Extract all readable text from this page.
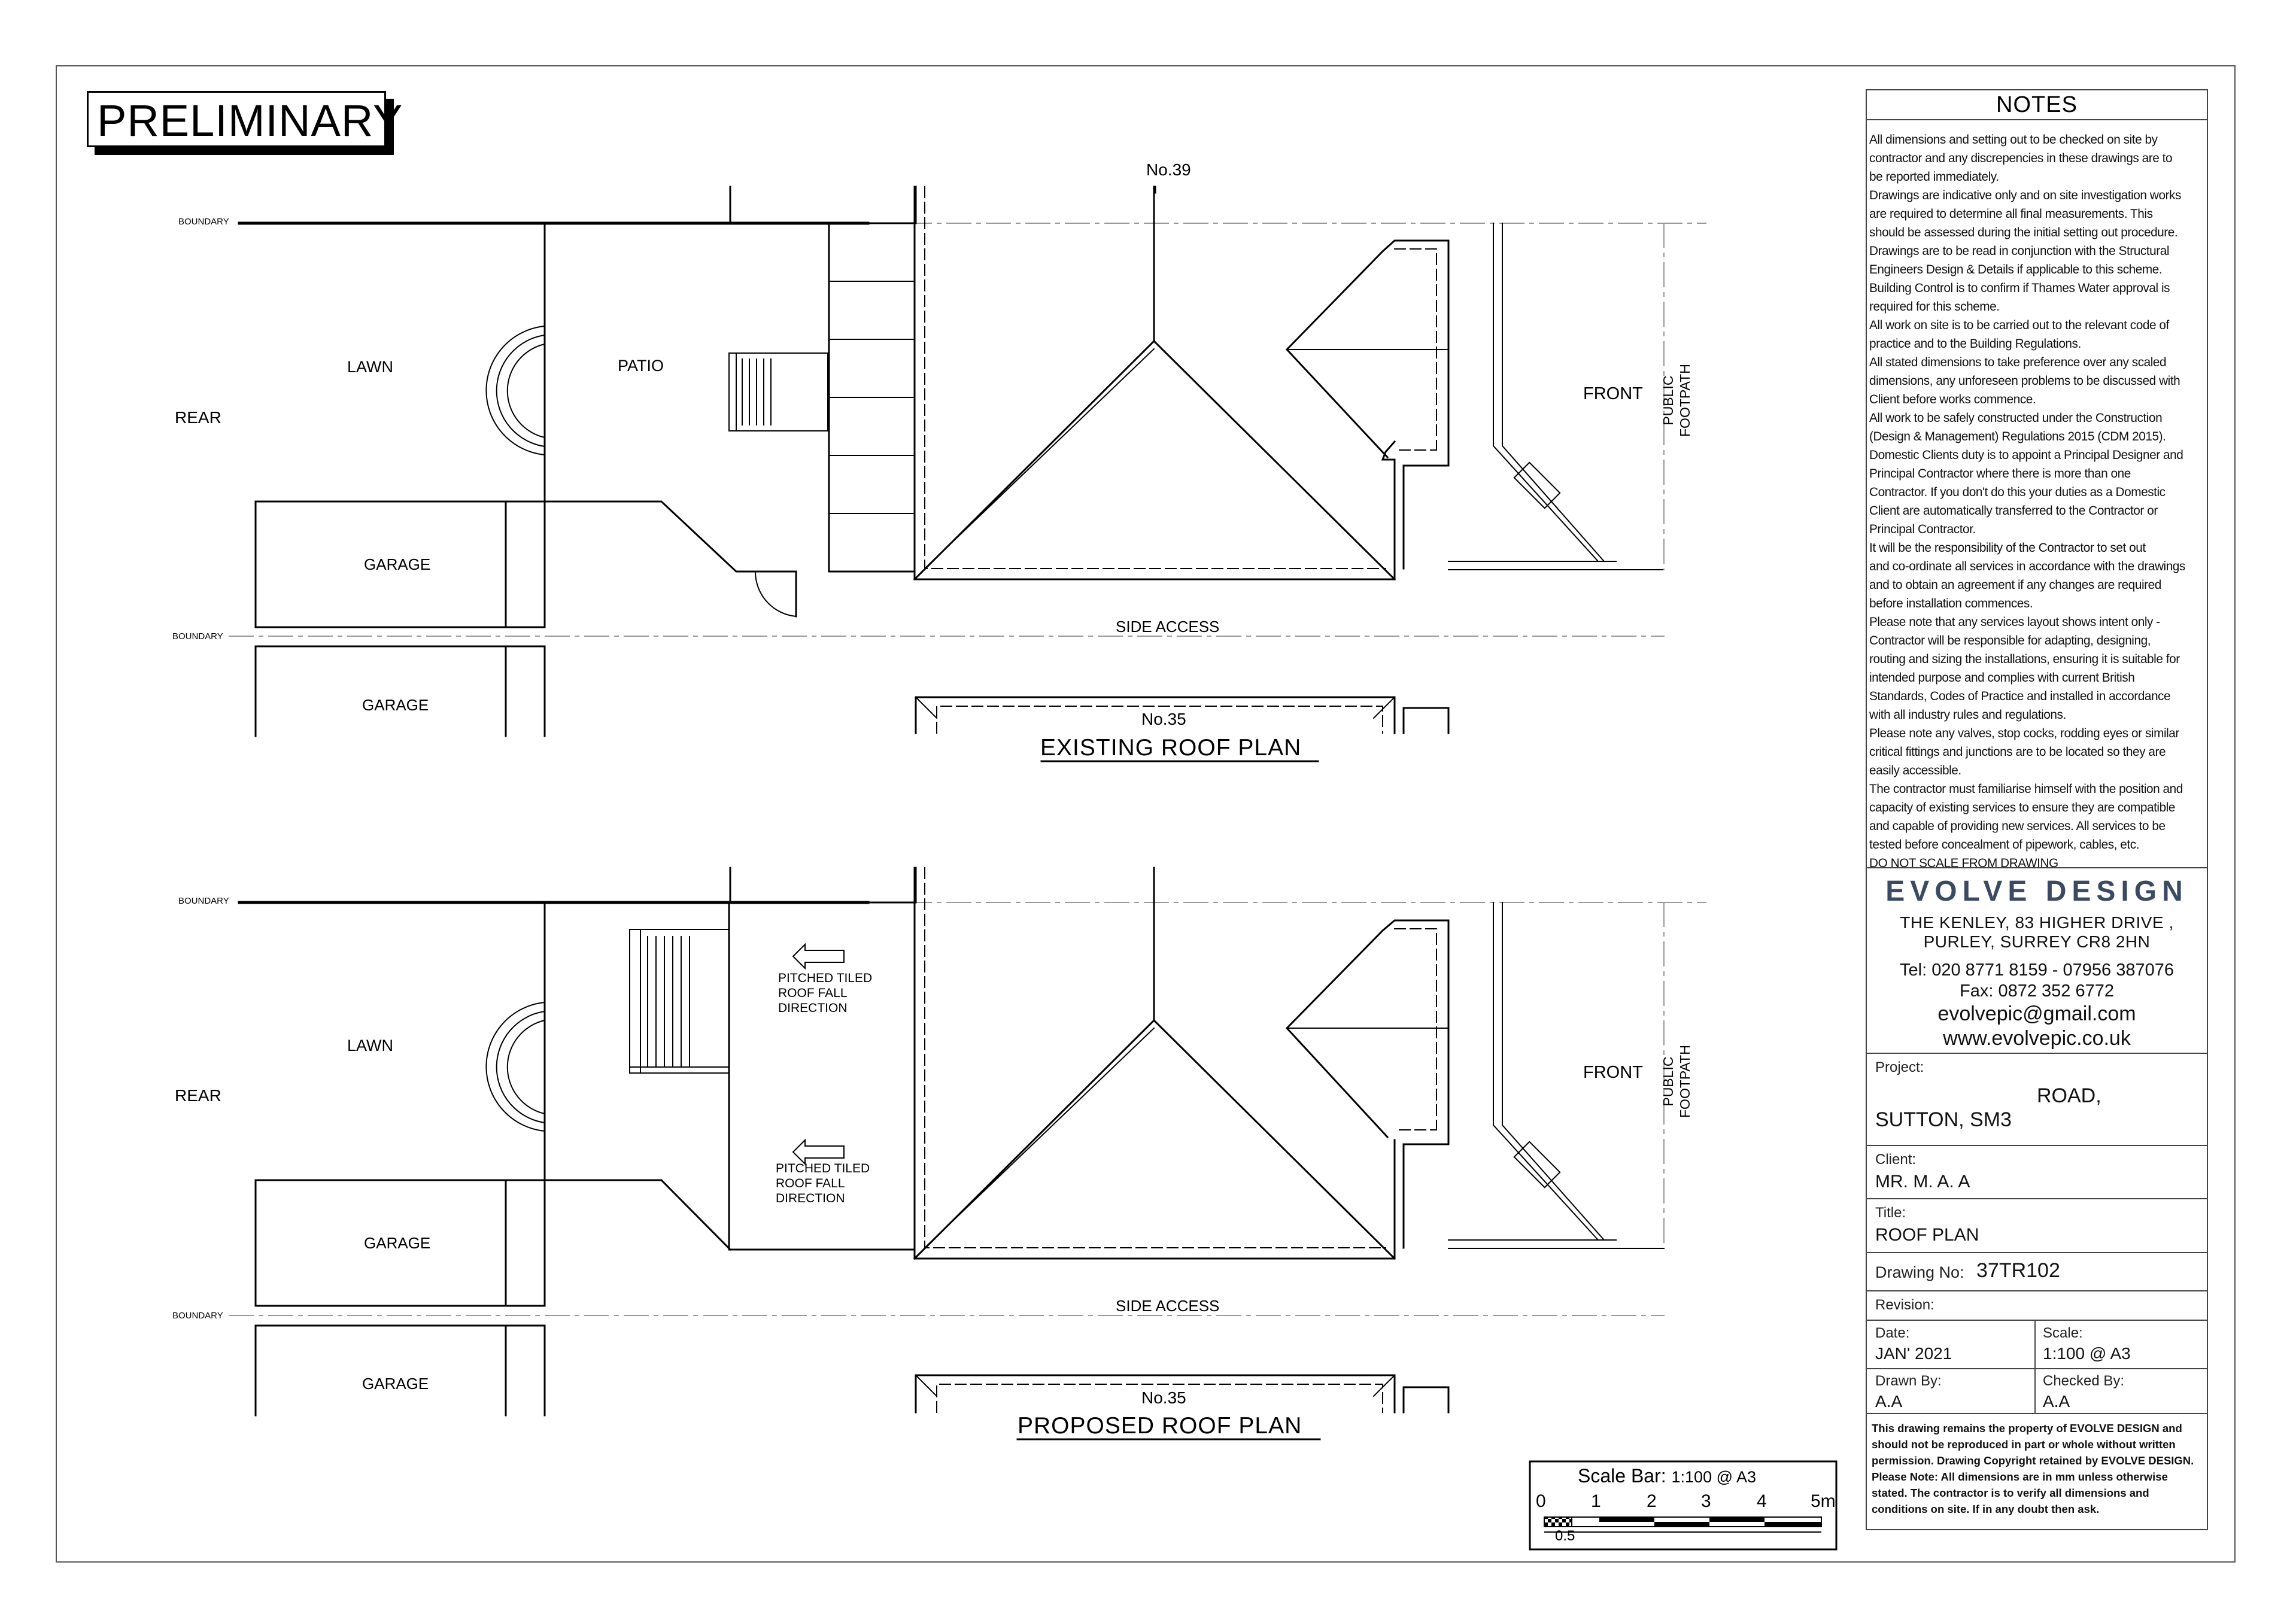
PRELIMINARY
No.39
BOUNDARY
BOUNDARY
REAR
LAWN	PATIO
GARAGE
GARAGE
SIDE ACCESS
FRONT PUBLIC FOOTPATH
No.35
EXISTING ROOF PLAN
BOUNDARY
BOUNDARY
REAR
LAWN
PITCHED TILED
ROOF FALL
DIRECTION
PITCHED TILED
ROOF FALL
DIRECTION
GARAGE
GARAGE
SIDE ACCESS
FRONT PUBLIC FOOTPATH
No.35
PROPOSED ROOF PLAN
Scale Bar: 1:100 @ A3
0	1	2 3	4 5m
0.5
NOTES
All dimensions and setting out to be checked on site by
contractor and any discrepencies in these drawings are to
be reported immediately.
Drawings are indicative only and on site investigation works
are required to determine all final measurements. This
should be assessed during the initial setting out procedure.
Drawings are to be read in conjunction with the Structural
Engineers Design & Details if applicable to this scheme.
Building Control is to confirm if Thames Water approval is
required for this scheme.
All work on site is to be carried out to the relevant code of
practice and to the Building Regulations.
All stated dimensions to take preference over any scaled
dimensions, any unforeseen problems to be discussed with
Client before works commence.
All work to be safely constructed under the Construction
(Design & Management) Regulations 2015 (CDM 2015).
Domestic Clients duty is to appoint a Principal Designer and
Principal Contractor where there is more than one
Contractor. If you don't do this your duties as a Domestic
Client are automatically transferred to the Contractor or
Principal Contractor.
It will be the responsibility of the Contractor to set out
and co-ordinate all services in accordance with the drawings
and to obtain an agreement if any changes are required
before installation commences.
Please note that any services layout shows intent only -
Contractor will be responsible for adapting, designing,
routing and sizing the installations, ensuring it is suitable for
intended purpose and complies with current British
Standards, Codes of Practice and installed in accordance
with all industry rules and regulations.
Please note any valves, stop cocks, rodding eyes or similar
critical fittings and junctions are to be located so they are
easily accessible.
The contractor must familiarise himself with the position and
capacity of existing services to ensure they are compatible
and capable of providing new services. All services to be
tested before concealment of pipework, cables, etc.
DO NOT SCALE FROM DRAWING
EVOLVE DESIGN
THE KENLEY, 83 HIGHER DRIVE ,
PURLEY, SURREY CR8 2HN
Tel: 020 8771 8159 - 07956 387076
Fax: 0872 352 6772
evolvepic@gmail.com
www.evolvepic.co.uk
Project:
ROAD,
SUTTON, SM3
Client:
MR. M. A. A
Title:
ROOF PLAN
Drawing No: 37TR102
Revision:
Date:
JAN' 2021
Scale:
1:100 @ A3
Drawn By:
A.A
Checked By:
A.A
This drawing remains the property of EVOLVE DESIGN and
should not be reproduced in part or whole without written
permission. Drawing Copyright retained by EVOLVE DESIGN.
Please Note: All dimensions are in mm unless otherwise
stated. The contractor is to verify all dimensions and
conditions on site. If in any doubt then ask.
